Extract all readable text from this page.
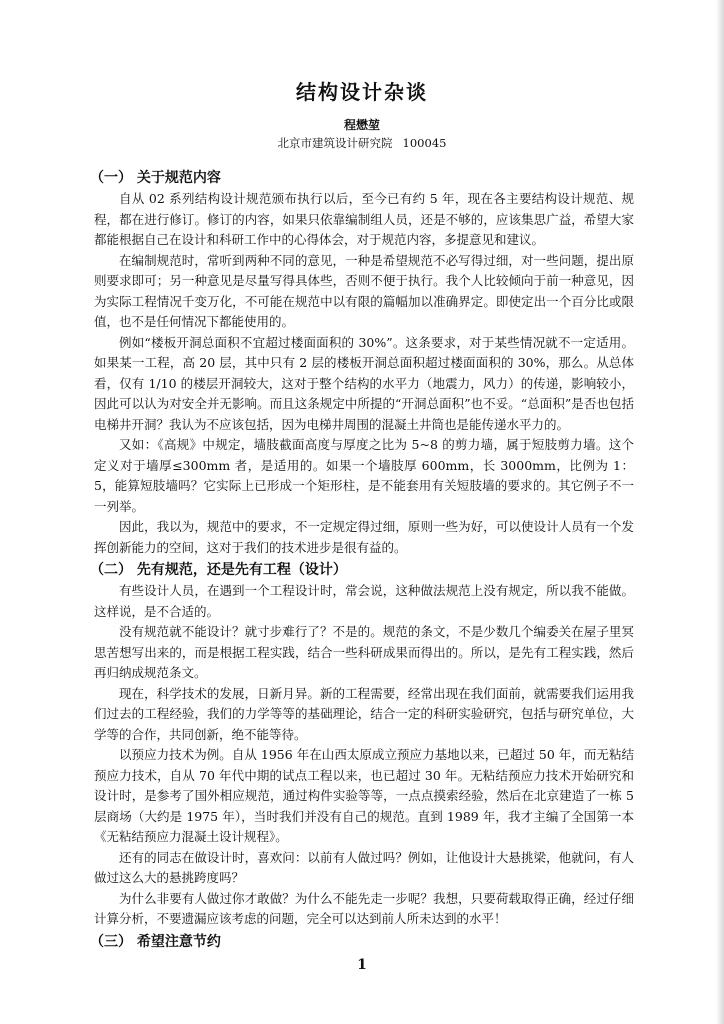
结构设计杂谈
程懋堃
北京市建筑设计研究院 100045
（一） 关于规范内容

自从 02 系列结构设计规范颁布执行以后，至今已有约 5 年，现在各主要结构设计规范、规程，都在进行修订。修订的内容，如果只依靠编制组人员，还是不够的，应该集思广益，希望大家都能根据自己在设计和科研工作中的心得体会，对于规范内容，多提意见和建议。

在编制规范时，常听到两种不同的意见，一种是希望规范不必写得过细，对一些问题，提出原则要求即可；另一种意见是尽量写得具体些，否则不便于执行。我个人比较倾向于前一种意见，因为实际工程情况千变万化，不可能在规范中以有限的篇幅加以准确界定。即使定出一个百分比或限值，也不是任何情况下都能使用的。

例如“楼板开洞总面积不宜超过楼面面积的 30%”。这条要求，对于某些情况就不一定适用。如果某一工程，高 20 层，其中只有 2 层的楼板开洞总面积超过楼面面积的 30%，那么。从总体看，仅有 1/10 的楼层开洞较大，这对于整个结构的水平力（地震力，风力）的传递，影响较小，因此可以认为对安全并无影响。而且这条规定中所提的“开洞总面积”也不妥。“总面积”是否也包括电梯井开洞？我认为不应该包括，因为电梯井周围的混凝土井筒也是能传递水平力的。

又如：《高规》中规定，墙肢截面高度与厚度之比为 5~8 的剪力墙，属于短肢剪力墙。这个定义对于墙厚≤300mm 者，是适用的。如果一个墙肢厚 600mm，长 3000mm，比例为 1：5，能算短肢墙吗？它实际上已形成一个矩形柱，是不能套用有关短肢墙的要求的。其它例子不一一列举。

因此，我以为，规范中的要求，不一定规定得过细，原则一些为好，可以使设计人员有一个发挥创新能力的空间，这对于我们的技术进步是很有益的。

（二） 先有规范，还是先有工程（设计）

有些设计人员，在遇到一个工程设计时，常会说，这种做法规范上没有规定，所以我不能做。这样说，是不合适的。

没有规范就不能设计？就寸步难行了？不是的。规范的条文，不是少数几个编委关在屋子里冥思苦想写出来的，而是根据工程实践，结合一些科研成果而得出的。所以，是先有工程实践，然后再归纳成规范条文。

现在，科学技术的发展，日新月异。新的工程需要，经常出现在我们面前，就需要我们运用我们过去的工程经验，我们的力学等等的基础理论，结合一定的科研实验研究，包括与研究单位，大学等的合作，共同创新，绝不能等待。

以预应力技术为例。自从 1956 年在山西太原成立预应力基地以来，已超过 50 年，而无粘结预应力技术，自从 70 年代中期的试点工程以来，也已超过 30 年。无粘结预应力技术开始研究和设计时，是参考了国外相应规范，通过构件实验等等，一点点摸索经验，然后在北京建造了一栋 5 层商场（大约是 1975 年），当时我们并没有自己的规范。直到 1989 年，我才主编了全国第一本《无粘结预应力混凝土设计规程》。

还有的同志在做设计时，喜欢问：以前有人做过吗？例如，让他设计大悬挑梁，他就问，有人做过这么大的悬挑跨度吗？

为什么非要有人做过你才敢做？为什么不能先走一步呢？我想，只要荷载取得正确，经过仔细计算分析，不要遗漏应该考虑的问题，完全可以达到前人所未达到的水平！

（三） 希望注意节约
1
